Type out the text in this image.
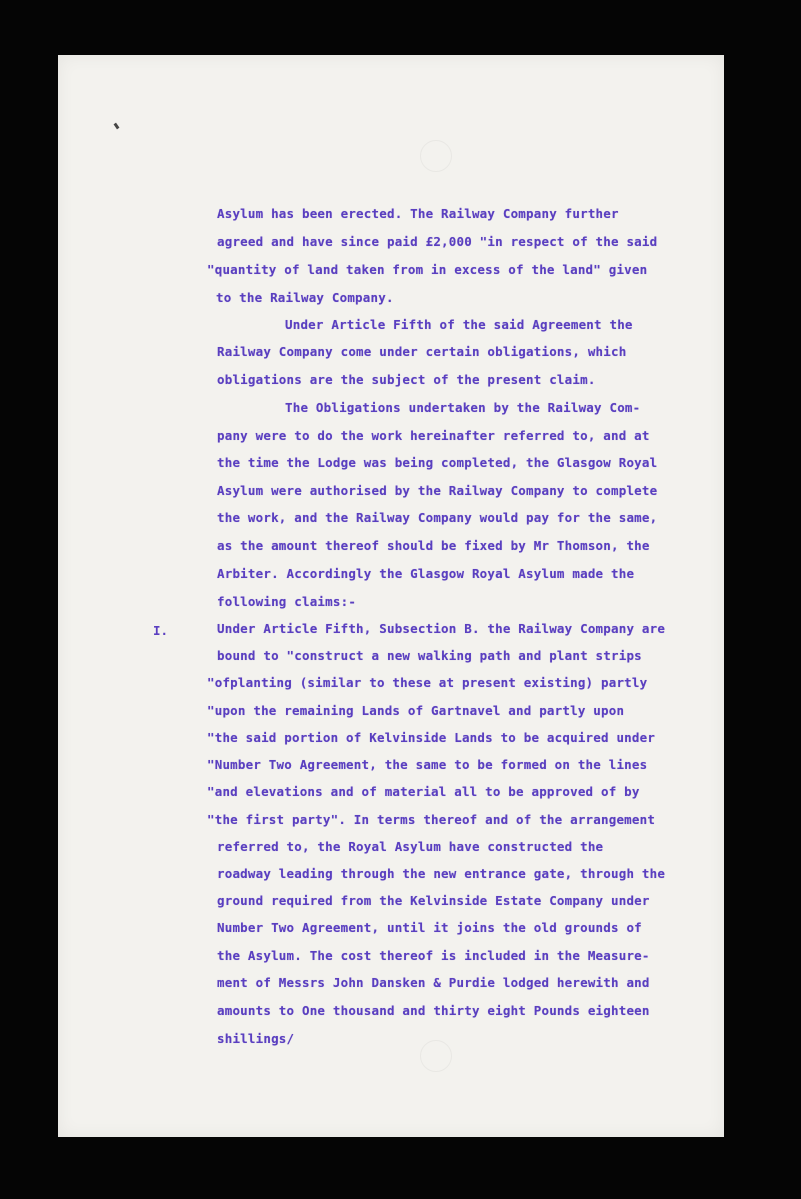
I.
Asylum has been erected. The Railway Company further
agreed and have since paid £2,000 "in respect of the said
"quantity of land taken from in excess of the land" given
to the Railway Company.
Under Article Fifth of the said Agreement the
Railway Company come under certain obligations, which
obligations are the subject of the present claim.
The Obligations undertaken by the Railway Com-
pany were to do the work hereinafter referred to, and at
the time the Lodge was being completed, the Glasgow Royal
Asylum were authorised by the Railway Company to complete
the work, and the Railway Company would pay for the same,
as the amount thereof should be fixed by Mr Thomson, the
Arbiter. Accordingly the Glasgow Royal Asylum made the
following claims:-
Under Article Fifth, Subsection B. the Railway Company are
bound to "construct a new walking path and plant strips
"ofplanting (similar to these at present existing) partly
"upon the remaining Lands of Gartnavel and partly upon
"the said portion of Kelvinside Lands to be acquired under
"Number Two Agreement, the same to be formed on the lines
"and elevations and of material all to be approved of by
"the first party". In terms thereof and of the arrangement
referred to, the Royal Asylum have constructed the
roadway leading through the new entrance gate, through the
ground required from the Kelvinside Estate Company under
Number Two Agreement, until it joins the old grounds of
the Asylum. The cost thereof is included in the Measure-
ment of Messrs John Dansken & Purdie lodged herewith and
amounts to One thousand and thirty eight Pounds eighteen
shillings/
